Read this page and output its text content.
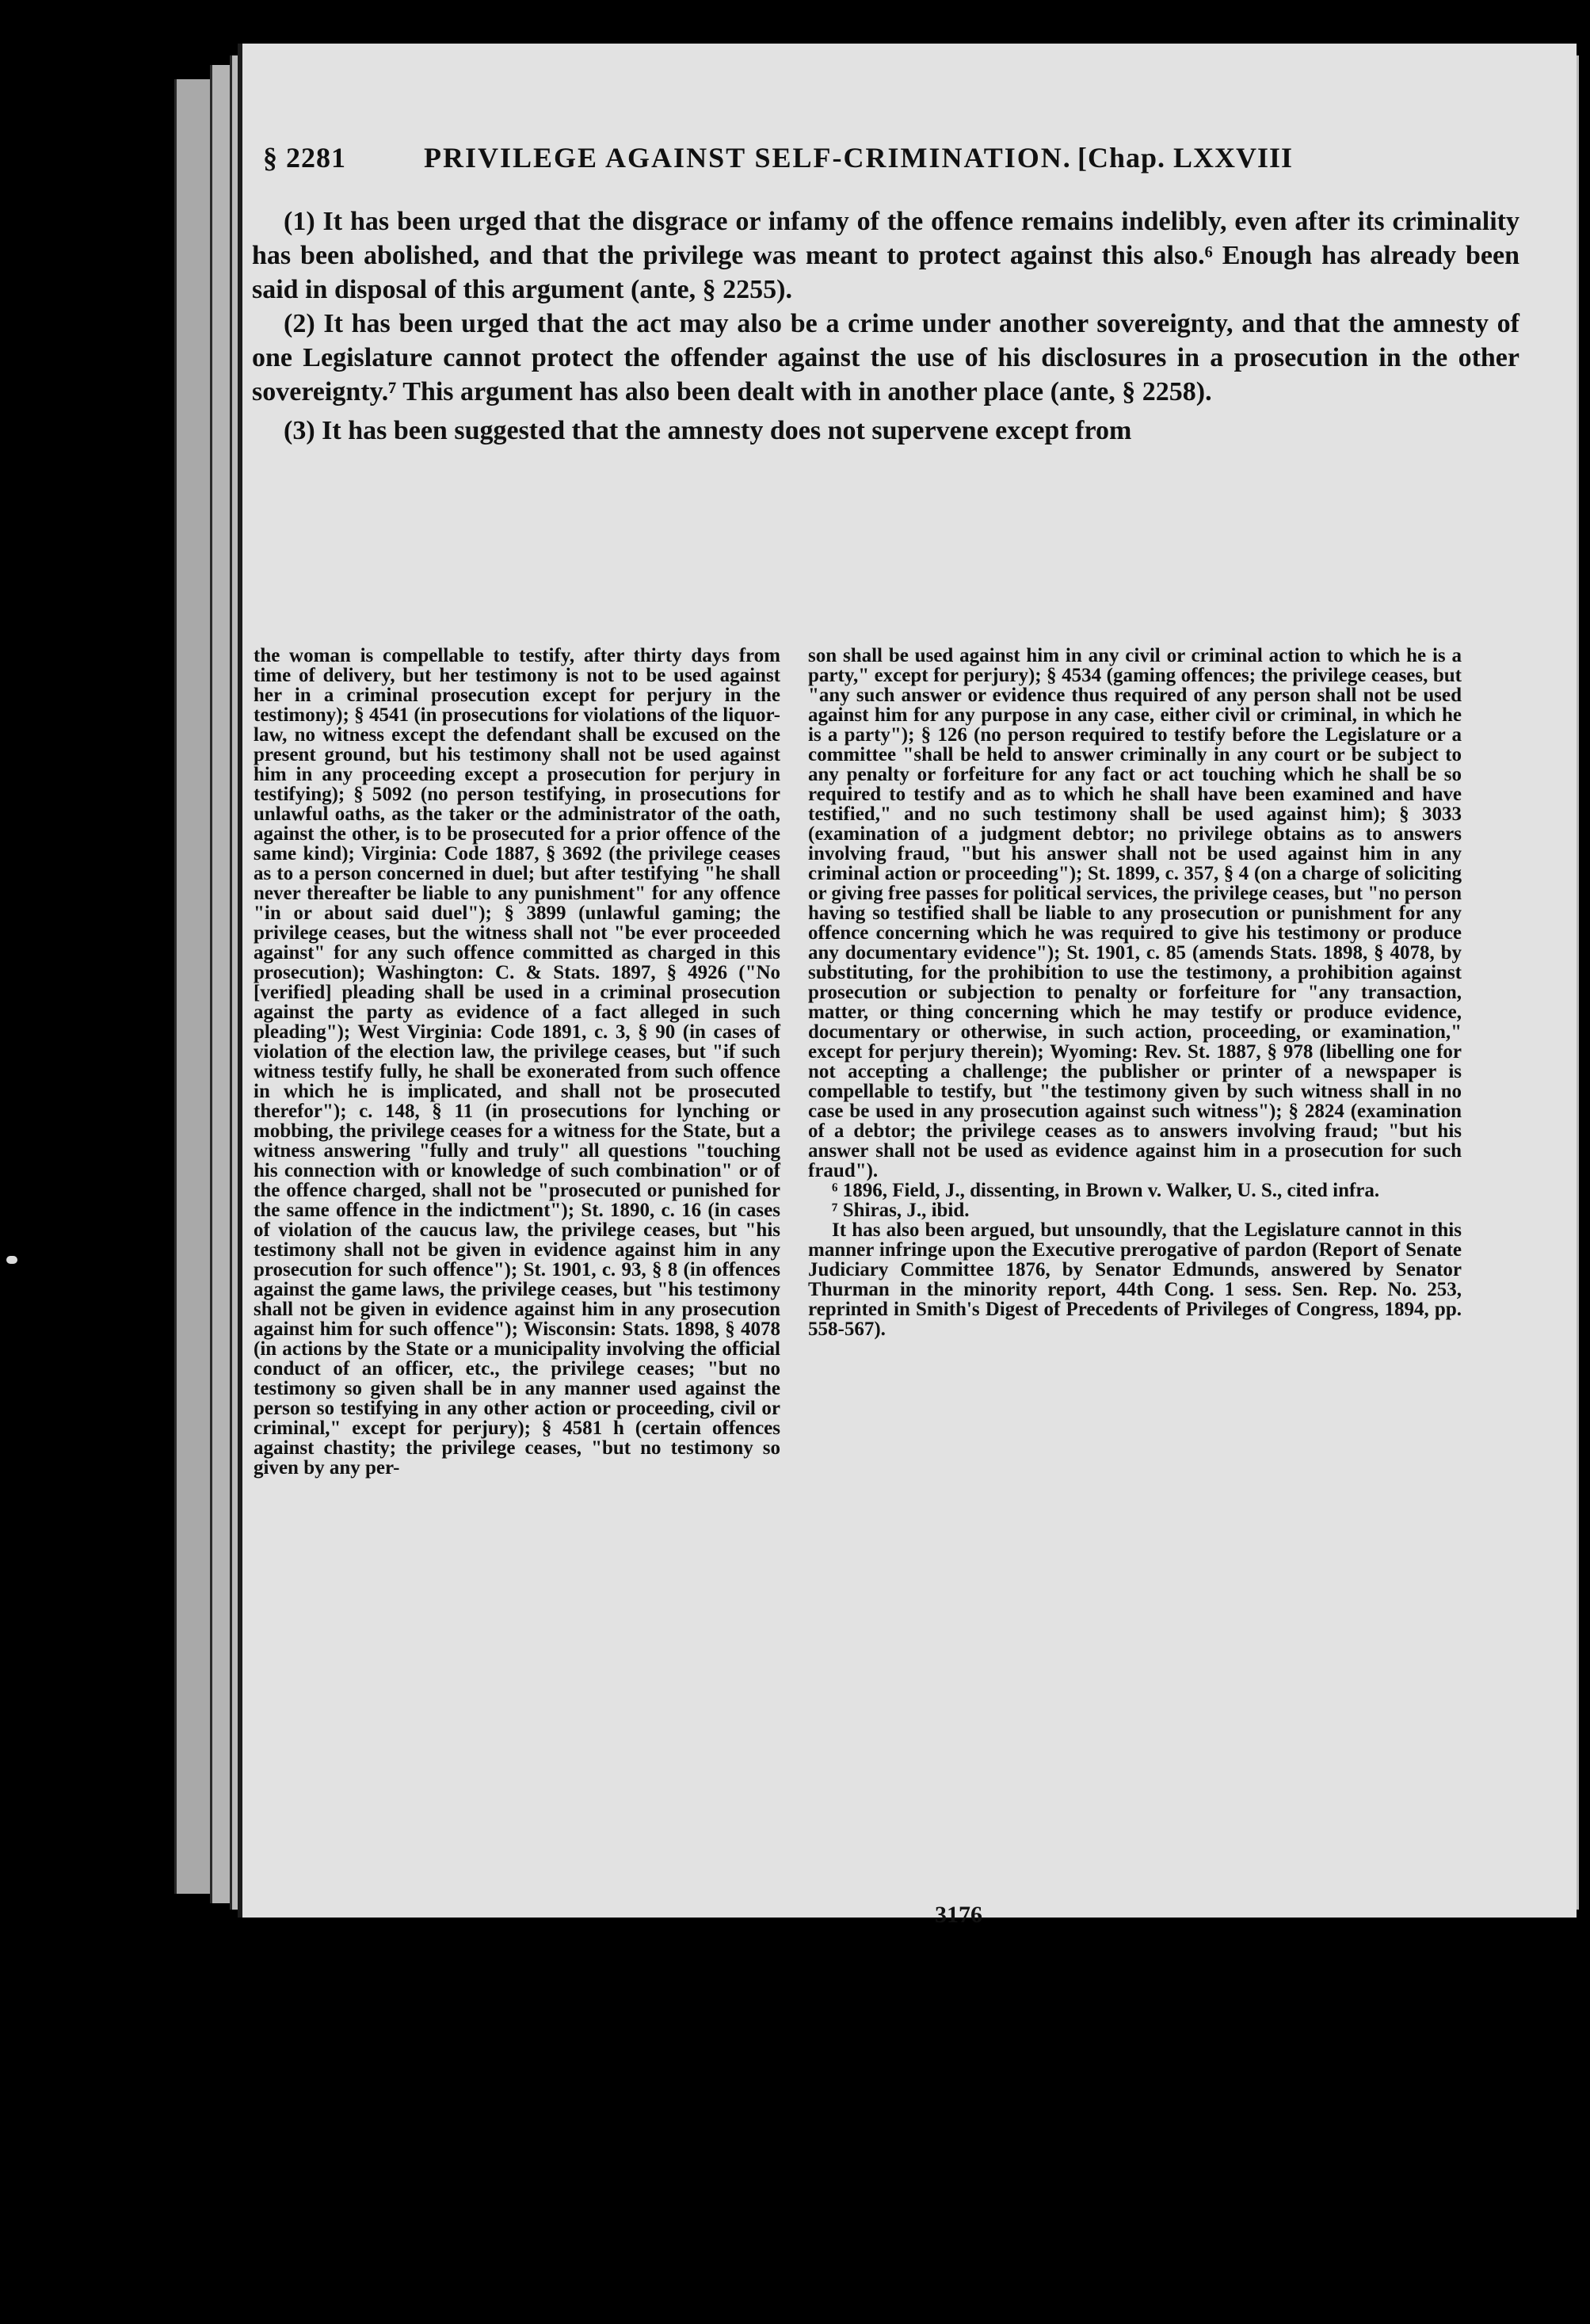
§ 2281	PRIVILEGE AGAINST SELF-CRIMINATION. [Chap. LXXVIII

(1) It has been urged that the disgrace or infamy of the offence remains indelibly, even after its criminality has been abolished, and that the privilege was meant to protect against this also.⁶ Enough has already been said in disposal of this argument (ante, § 2255).

(2) It has been urged that the act may also be a crime under another sovereignty, and that the amnesty of one Legislature cannot protect the offender against the use of his disclosures in a prosecution in the other sovereignty.⁷ This argument has also been dealt with in another place (ante, § 2258).

(3) It has been suggested that the amnesty does not supervene except from

the woman is compellable to testify, after thirty days from time of delivery, but her testimony is not to be used against her in a criminal prosecution except for perjury in the testimony); § 4541 (in prosecutions for violations of the liquor-law, no witness except the defendant shall be excused on the present ground, but his testimony shall not be used against him in any proceeding except a prosecution for perjury in testifying); § 5092 (no person testifying, in prosecutions for unlawful oaths, as the taker or the administrator of the oath, against the other, is to be prosecuted for a prior offence of the same kind); Virginia: Code 1887, § 3692 (the privilege ceases as to a person concerned in duel; but after testifying "he shall never thereafter be liable to any punishment" for any offence "in or about said duel"); § 3899 (unlawful gaming; the privilege ceases, but the witness shall not "be ever proceeded against" for any such offence committed as charged in this prosecution); Washington: C. & Stats. 1897, § 4926 ("No [verified] pleading shall be used in a criminal prosecution against the party as evidence of a fact alleged in such pleading"); West Virginia: Code 1891, c. 3, § 90 (in cases of violation of the election law, the privilege ceases, but "if such witness testify fully, he shall be exonerated from such offence in which he is implicated, and shall not be prosecuted therefor"); c. 148, § 11 (in prosecutions for lynching or mobbing, the privilege ceases for a witness for the State, but a witness answering "fully and truly" all questions "touching his connection with or knowledge of such combination" or of the offence charged, shall not be "prosecuted or punished for the same offence in the indictment"); St. 1890, c. 16 (in cases of violation of the caucus law, the privilege ceases, but "his testimony shall not be given in evidence against him in any prosecution for such offence"); St. 1901, c. 93, § 8 (in offences against the game laws, the privilege ceases, but "his testimony shall not be given in evidence against him in any prosecution against him for such offence"); Wisconsin: Stats. 1898, § 4078 (in actions by the State or a municipality involving the official conduct of an officer, etc., the privilege ceases; "but no testimony so given shall be in any manner used against the person so testifying in any other action or proceeding, civil or criminal," except for perjury); § 4581 h (certain offences against chastity; the privilege ceases, "but no testimony so given by any per-

son shall be used against him in any civil or criminal action to which he is a party," except for perjury); § 4534 (gaming offences; the privilege ceases, but "any such answer or evidence thus required of any person shall not be used against him for any purpose in any case, either civil or criminal, in which he is a party"); § 126 (no person required to testify before the Legislature or a committee "shall be held to answer criminally in any court or be subject to any penalty or forfeiture for any fact or act touching which he shall be so required to testify and as to which he shall have been examined and have testified," and no such testimony shall be used against him); § 3033 (examination of a judgment debtor; no privilege obtains as to answers involving fraud, "but his answer shall not be used against him in any criminal action or proceeding"); St. 1899, c. 357, § 4 (on a charge of soliciting or giving free passes for political services, the privilege ceases, but "no person having so testified shall be liable to any prosecution or punishment for any offence concerning which he was required to give his testimony or produce any documentary evidence"); St. 1901, c. 85 (amends Stats. 1898, § 4078, by substituting, for the prohibition to use the testimony, a prohibition against prosecution or subjection to penalty or forfeiture for "any transaction, matter, or thing concerning which he may testify or produce evidence, documentary or otherwise, in such action, proceeding, or examination," except for perjury therein); Wyoming: Rev. St. 1887, § 978 (libelling one for not accepting a challenge; the publisher or printer of a newspaper is compellable to testify, but "the testimony given by such witness shall in no case be used in any prosecution against such witness"); § 2824 (examination of a debtor; the privilege ceases as to answers involving fraud; "but his answer shall not be used as evidence against him in a prosecution for such fraud").

⁶ 1896, Field, J., dissenting, in Brown v. Walker, U. S., cited infra.

⁷ Shiras, J., ibid.

It has also been argued, but unsoundly, that the Legislature cannot in this manner infringe upon the Executive prerogative of pardon (Report of Senate Judiciary Committee 1876, by Senator Edmunds, answered by Senator Thurman in the minority report, 44th Cong. 1 sess. Sen. Rep. No. 253, reprinted in Smith's Digest of Precedents of Privileges of Congress, 1894, pp. 558-567).

3176
